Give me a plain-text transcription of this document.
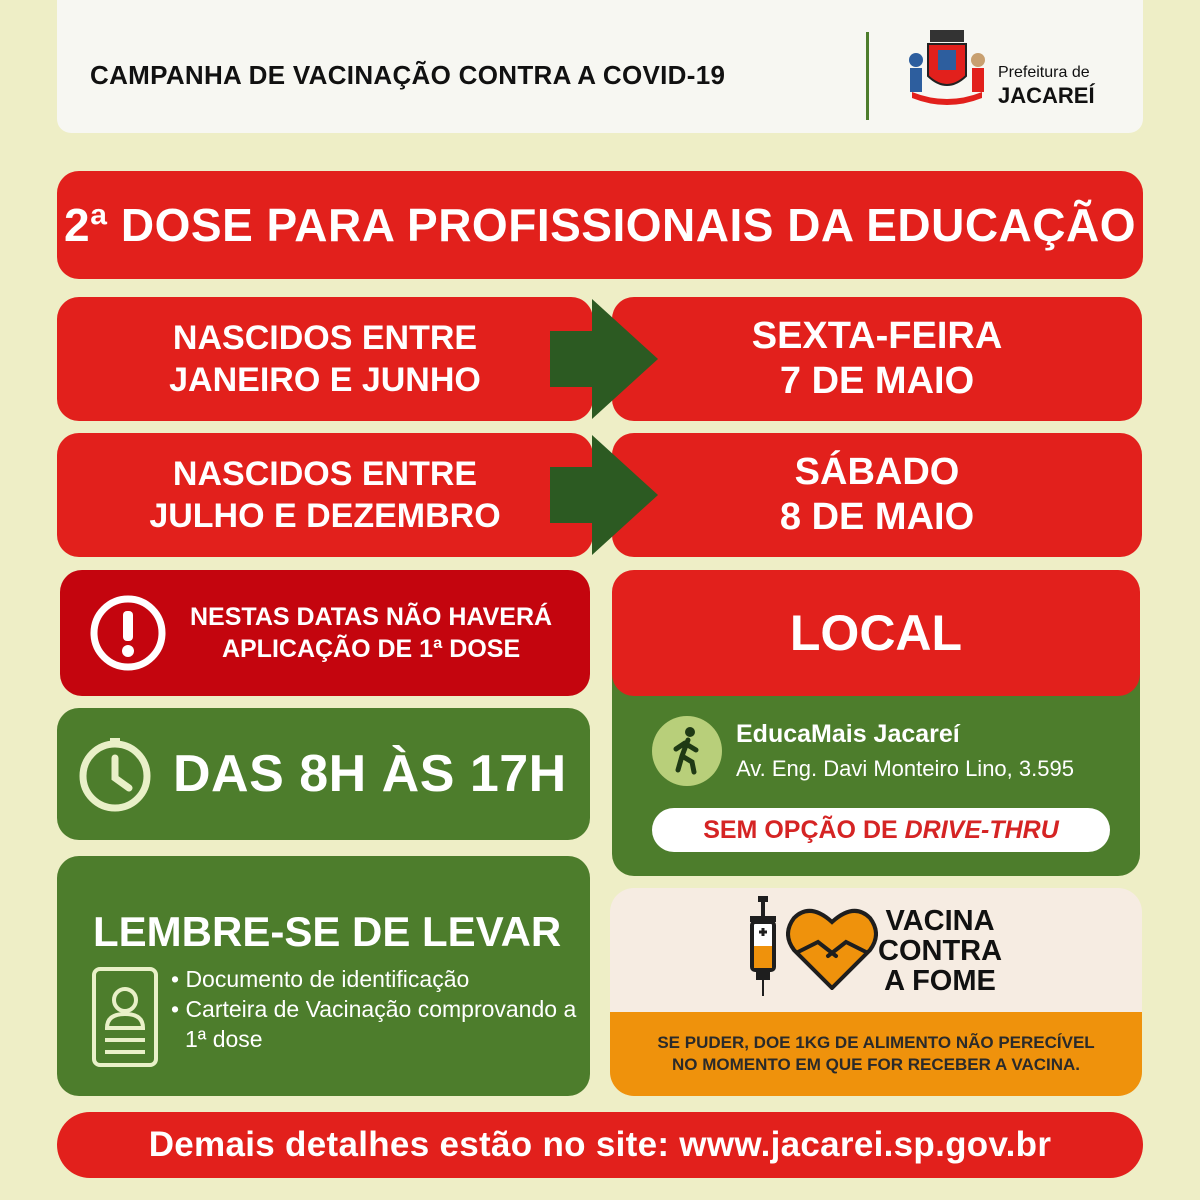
CAMPANHA DE VACINAÇÃO CONTRA A COVID-19	Prefeitura de
JACAREÍ
2ª DOSE PARA PROFISSIONAIS DA EDUCAÇÃO
NASCIDOS ENTRE
JANEIRO E JUNHO
SEXTA-FEIRA
7 DE MAIO
NASCIDOS ENTRE
JULHO E DEZEMBRO
SÁBADO
8 DE MAIO
NESTAS DATAS NÃO HAVERÁ
APLICAÇÃO DE 1ª DOSE
DAS 8H ÀS 17H
LEMBRE-SE DE LEVAR
• Documento de identificação
• Carteira de Vacinação comprovando a 1ª dose
LOCAL
EducaMais Jacareí
Av. Eng. Davi Monteiro Lino, 3.595
SEM OPÇÃO DE DRIVE-THRU
VACINA
CONTRA
A FOME
SE PUDER, DOE 1KG DE ALIMENTO NÃO PERECÍVEL
NO MOMENTO EM QUE FOR RECEBER A VACINA.
Demais detalhes estão no site: www.jacarei.sp.gov.br
